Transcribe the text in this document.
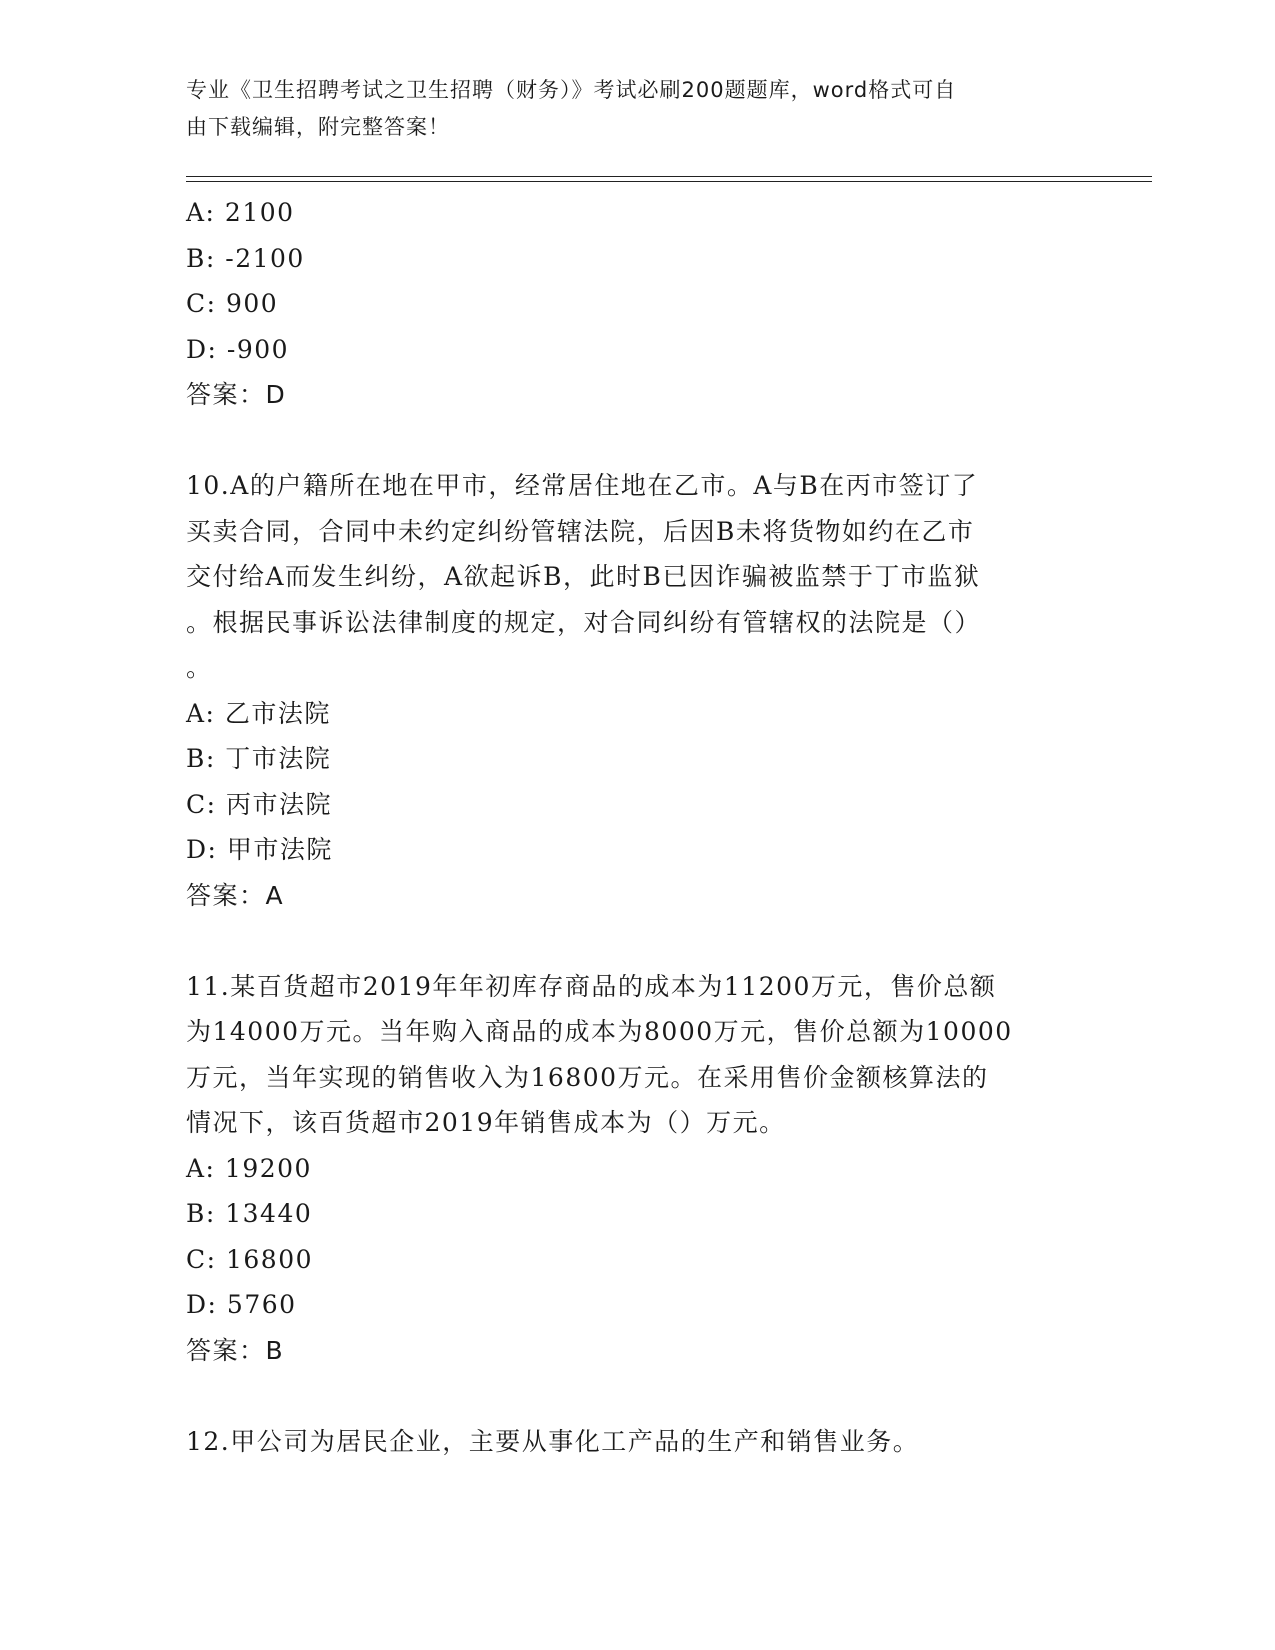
专业《卫生招聘考试之卫生招聘（财务）》考试必刷200题题库，word格式可自
由下载编辑，附完整答案！
A: 2100
B: -2100
C: 900
D: -900
答案：D
10.A的户籍所在地在甲市，经常居住地在乙市。A与B在丙市签订了
买卖合同，合同中未约定纠纷管辖法院，后因B未将货物如约在乙市
交付给A而发生纠纷，A欲起诉B，此时B已因诈骗被监禁于丁市监狱
。根据民事诉讼法律制度的规定，对合同纠纷有管辖权的法院是（）
。
A: 乙市法院
B: 丁市法院
C: 丙市法院
D: 甲市法院
答案：A
11.某百货超市2019年年初库存商品的成本为11200万元，售价总额
为14000万元。当年购入商品的成本为8000万元，售价总额为10000
万元，当年实现的销售收入为16800万元。在采用售价金额核算法的
情况下，该百货超市2019年销售成本为（）万元。
A: 19200
B: 13440
C: 16800
D: 5760
答案：B
12.甲公司为居民企业，主要从事化工产品的生产和销售业务。
